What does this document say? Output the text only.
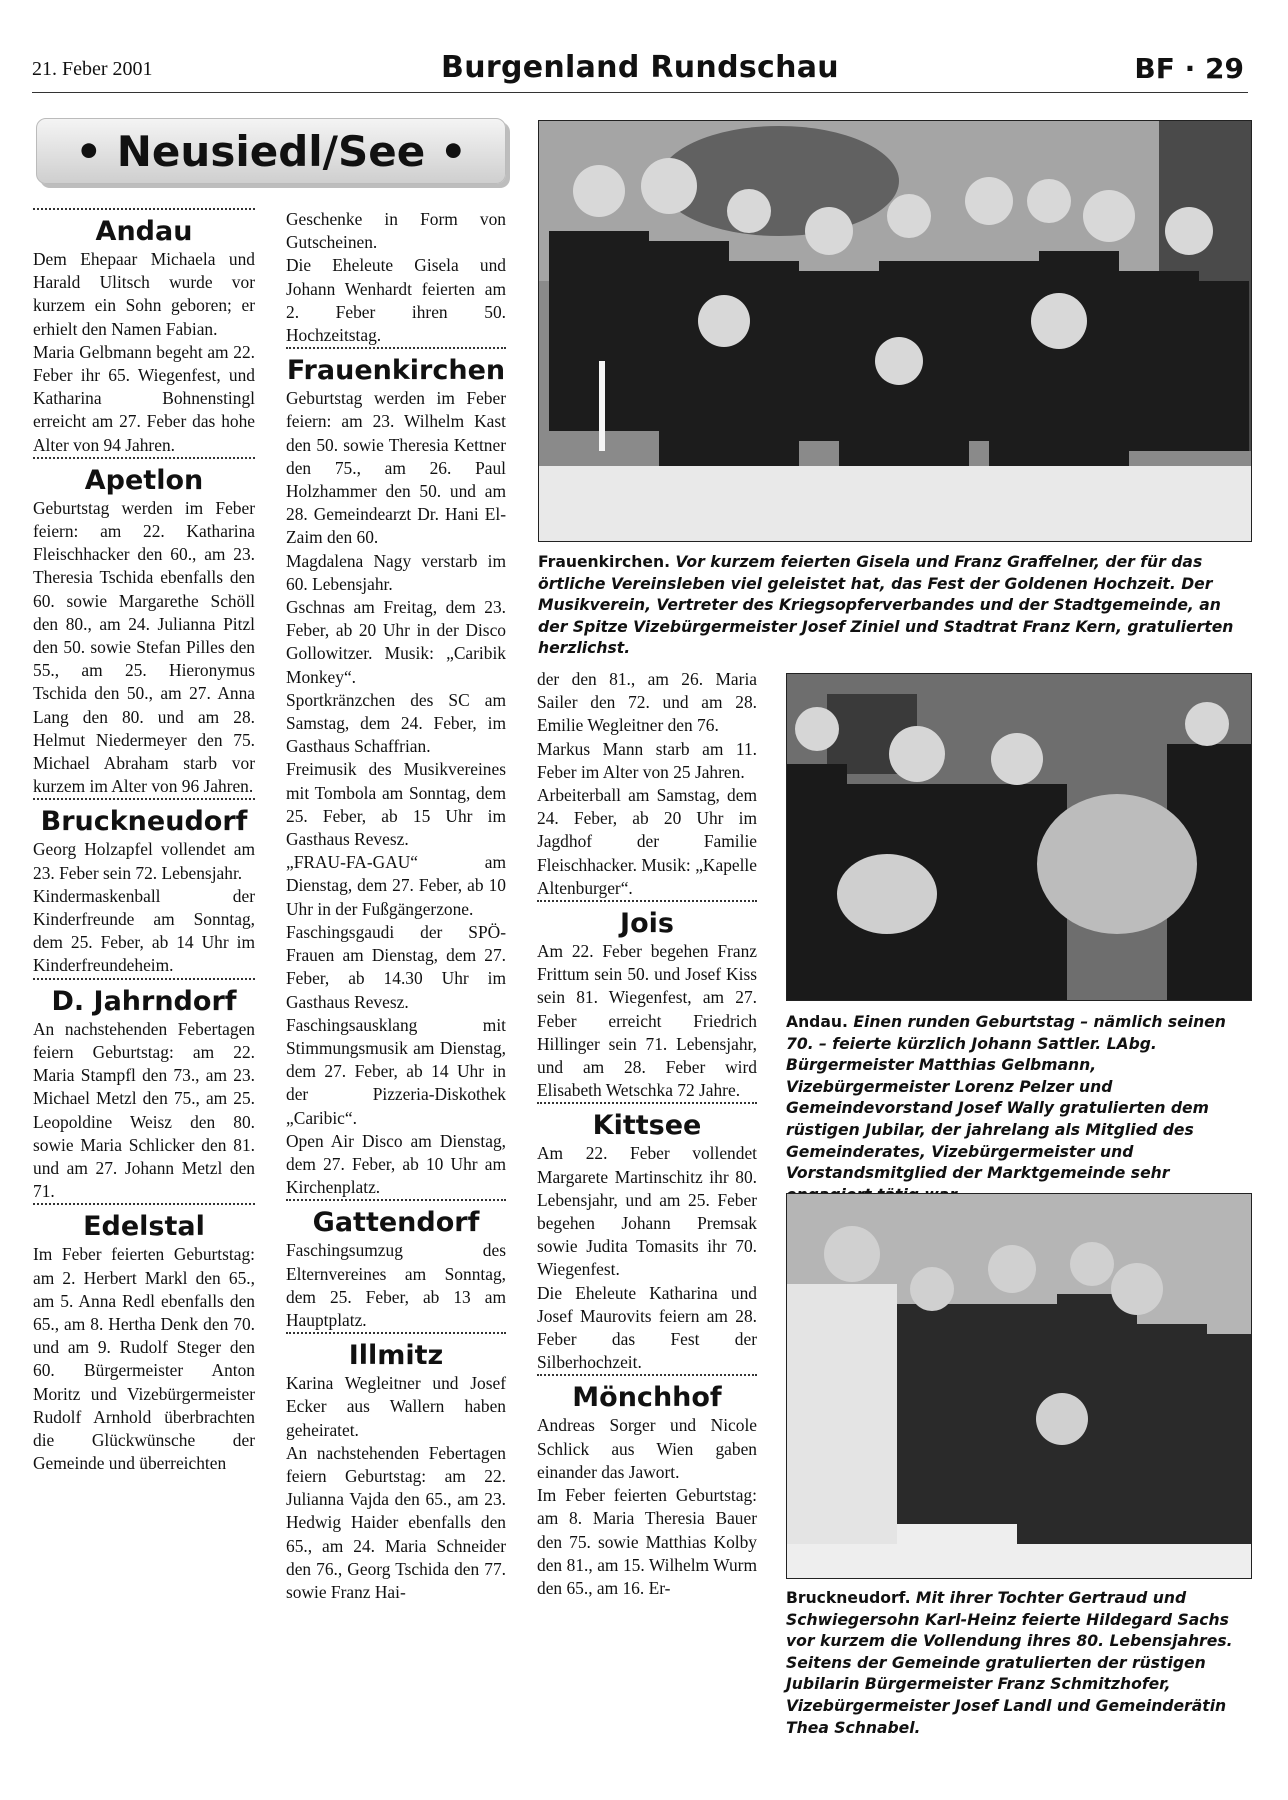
21. Feber 2001	Burgenland Rundschau	BF · 29
• Neusiedl/See •
Andau

Dem Ehepaar Michaela und Harald Ulitsch wurde vor kurzem ein Sohn geboren; er erhielt den Namen Fabian.

Maria Gelbmann begeht am 22. Feber ihr 65. Wiegenfest, und Katharina Bohnenstingl erreicht am 27. Feber das hohe Alter von 94 Jahren.

Apetlon

Geburtstag werden im Feber feiern: am 22. Katharina Fleischhacker den 60., am 23. Theresia Tschida ebenfalls den 60. sowie Margarethe Schöll den 80., am 24. Julianna Pitzl den 50. sowie Stefan Pilles den 55., am 25. Hieronymus Tschida den 50., am 27. Anna Lang den 80. und am 28. Helmut Niedermeyer den 75. Michael Abraham starb vor kurzem im Alter von 96 Jahren.

Bruckneudorf

Georg Holzapfel vollendet am 23. Feber sein 72. Lebensjahr.

Kindermaskenball der Kinderfreunde am Sonntag, dem 25. Feber, ab 14 Uhr im Kinderfreundeheim.

D. Jahrndorf

An nachstehenden Febertagen feiern Geburtstag: am 22. Maria Stampfl den 73., am 23. Michael Metzl den 75., am 25. Leopoldine Weisz den 80. sowie Maria Schlicker den 81. und am 27. Johann Metzl den 71.

Edelstal

Im Feber feierten Geburtstag: am 2. Herbert Markl den 65., am 5. Anna Redl ebenfalls den 65., am 8. Hertha Denk den 70. und am 9. Rudolf Steger den 60. Bürgermeister Anton Moritz und Vizebürgermeister Rudolf Arnhold überbrachten die Glückwünsche der Gemeinde und überreichten

Geschenke in Form von Gutscheinen.

Die Eheleute Gisela und Johann Wenhardt feierten am 2. Feber ihren 50. Hochzeitstag.

Frauenkirchen

Geburtstag werden im Feber feiern: am 23. Wilhelm Kast den 50. sowie Theresia Kettner den 75., am 26. Paul Holzhammer den 50. und am 28. Gemeindearzt Dr. Hani El-Zaim den 60.

Magdalena Nagy verstarb im 60. Lebensjahr.

Gschnas am Freitag, dem 23. Feber, ab 20 Uhr in der Disco Gollowitzer. Musik: „Caribik Monkey“.

Sportkränzchen des SC am Samstag, dem 24. Feber, im Gasthaus Schaffrian.

Freimusik des Musikvereines mit Tombola am Sonntag, dem 25. Feber, ab 15 Uhr im Gasthaus Revesz.

„FRAU-FA-GAU“ am Dienstag, dem 27. Feber, ab 10 Uhr in der Fußgängerzone.

Faschingsgaudi der SPÖ-Frauen am Dienstag, dem 27. Feber, ab 14.30 Uhr im Gasthaus Revesz.

Faschingsausklang mit Stimmungsmusik am Dienstag, dem 27. Feber, ab 14 Uhr in der Pizzeria-Diskothek „Caribic“.

Open Air Disco am Dienstag, dem 27. Feber, ab 10 Uhr am Kirchenplatz.

Gattendorf

Faschingsumzug des Elternvereines am Sonntag, dem 25. Feber, ab 13 am Hauptplatz.

Illmitz

Karina Wegleitner und Josef Ecker aus Wallern haben geheiratet.

An nachstehenden Febertagen feiern Geburtstag: am 22. Julianna Vajda den 65., am 23. Hedwig Haider ebenfalls den 65., am 24. Maria Schneider den 76., Georg Tschida den 77. sowie Franz Hai-

der den 81., am 26. Maria Sailer den 72. und am 28. Emilie Wegleitner den 76.

Markus Mann starb am 11. Feber im Alter von 25 Jahren.

Arbeiterball am Samstag, dem 24. Feber, ab 20 Uhr im Jagdhof der Familie Fleischhacker. Musik: „Kapelle Altenburger“.

Jois

Am 22. Feber begehen Franz Frittum sein 50. und Josef Kiss sein 81. Wiegenfest, am 27. Feber erreicht Friedrich Hillinger sein 71. Lebensjahr, und am 28. Feber wird Elisabeth Wetschka 72 Jahre.

Kittsee

Am 22. Feber vollendet Margarete Martinschitz ihr 80. Lebensjahr, und am 25. Feber begehen Johann Premsak sowie Judita Tomasits ihr 70. Wiegenfest.

Die Eheleute Katharina und Josef Maurovits feiern am 28. Feber das Fest der Silberhochzeit.

Mönchhof

Andreas Sorger und Nicole Schlick aus Wien gaben einander das Jawort.

Im Feber feierten Geburtstag: am 8. Maria Theresia Bauer den 75. sowie Matthias Kolby den 81., am 15. Wilhelm Wurm den 65., am 16. Er-

Frauenkirchen. Vor kurzem feierten Gisela und Franz Graffelner, der für das örtliche Vereinsleben viel geleistet hat, das Fest der Goldenen Hochzeit. Der Musikverein, Vertreter des Kriegsopferverbandes und der Stadtgemeinde, an der Spitze Vizebürgermeister Josef Ziniel und Stadtrat Franz Kern, gratulierten herzlichst.
Andau. Einen runden Geburtstag – nämlich seinen 70. – feierte kürzlich Johann Sattler. LAbg. Bürgermeister Matthias Gelbmann, Vizebürgermeister Lorenz Pelzer und Gemeindevorstand Josef Wally gratulierten dem rüstigen Jubilar, der jahrelang als Mitglied des Gemeinderates, Vizebürgermeister und Vorstandsmitglied der Marktgemeinde sehr
Bruckneudorf. Mit ihrer Tochter Gertraud und Schwiegersohn Karl-Heinz feierte Hildegard Sachs vor kurzem die Vollendung ihres 80. Lebensjahres. Seitens der Gemeinde gratulierten der rüstigen Jubilarin Bürgermeister Franz Schmitzhofer, Vizebürgermeister Josef Landl und Gemeinderätin Thea Schnabel.
